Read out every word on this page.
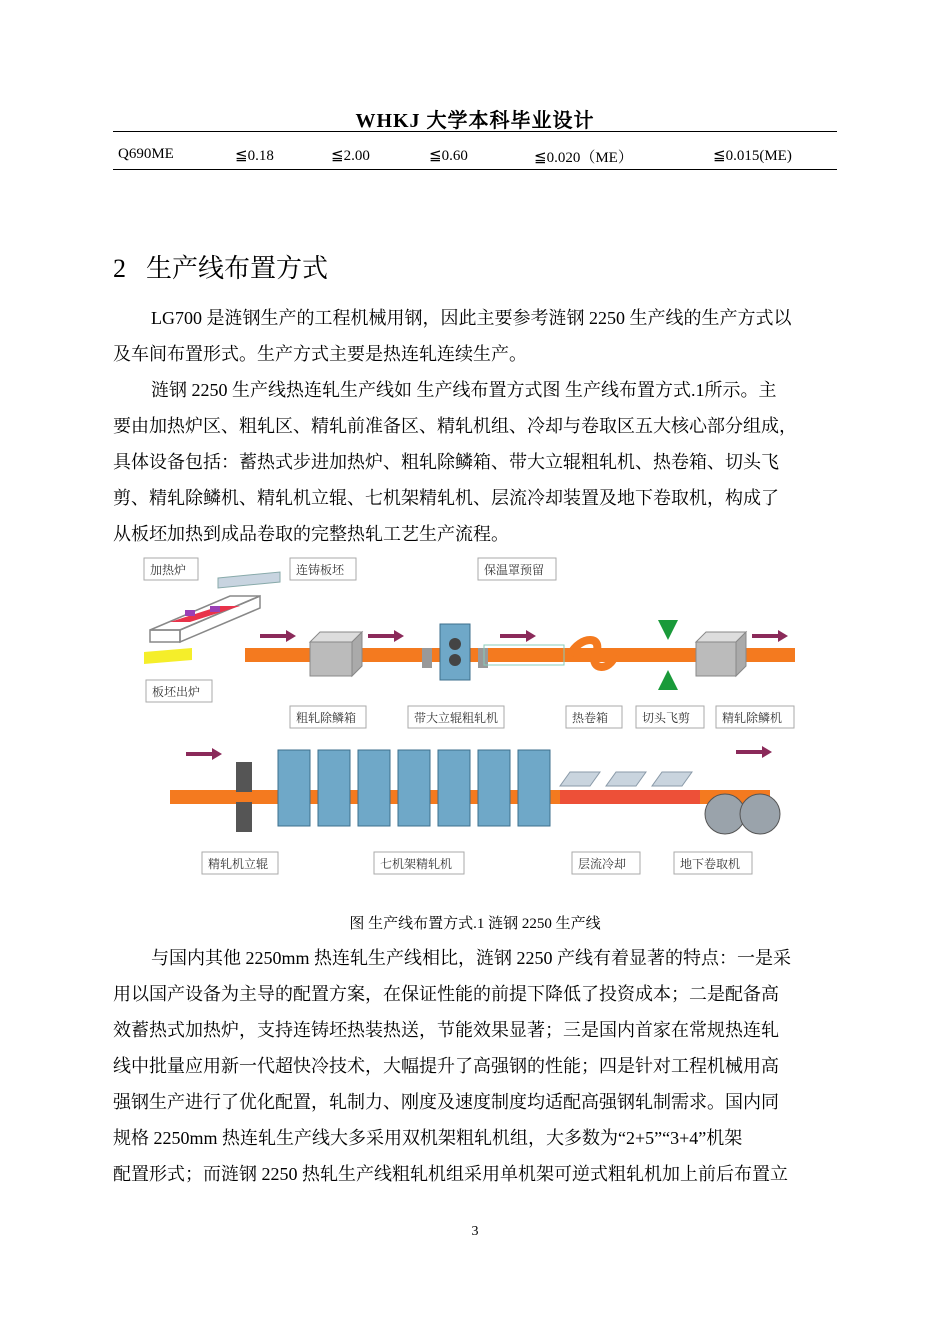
WHKJ 大学本科毕业设计
Q690ME	≦0.18	≦2.00	≦0.60	≦0.020（ME）	≦0.015(ME)
2 生产线布置方式
LG700 是涟钢生产的工程机械用钢，因此主要参考涟钢 2250 生产线的生产方式以
及车间布置形式。生产方式主要是热连轧连续生产。
涟钢 2250 生产线热连轧生产线如 生产线布置方式图 生产线布置方式.1所示。主
要由加热炉区、粗轧区、精轧前准备区、精轧机组、冷却与卷取区五大核心部分组成，
具体设备包括：蓄热式步进加热炉、粗轧除鳞箱、带大立辊粗轧机、热卷箱、切头飞
剪、精轧除鳞机、精轧机立辊、七机架精轧机、层流冷却装置及地下卷取机，构成了
从板坯加热到成品卷取的完整热轧工艺生产流程。
加热炉	连铸板坯	保温罩预留
板坯出炉
粗轧除鳞箱	带大立辊粗轧机	热卷箱	切头飞剪	精轧除鳞机
精轧机立辊	七机架精轧机	层流冷却	地下卷取机
图 生产线布置方式.1 涟钢 2250 生产线
与国内其他 2250mm 热连轧生产线相比，涟钢 2250 产线有着显著的特点：一是采
用以国产设备为主导的配置方案，在保证性能的前提下降低了投资成本；二是配备高
效蓄热式加热炉，支持连铸坯热装热送，节能效果显著；三是国内首家在常规热连轧
线中批量应用新一代超快冷技术，大幅提升了高强钢的性能；四是针对工程机械用高
强钢生产进行了优化配置，轧制力、刚度及速度制度均适配高强钢轧制需求。国内同
规格 2250mm 热连轧生产线大多采用双机架粗轧机组，大多数为“2+5”“3+4”机架
配置形式；而涟钢 2250 热轧生产线粗轧机组采用单机架可逆式粗轧机加上前后布置立
3
